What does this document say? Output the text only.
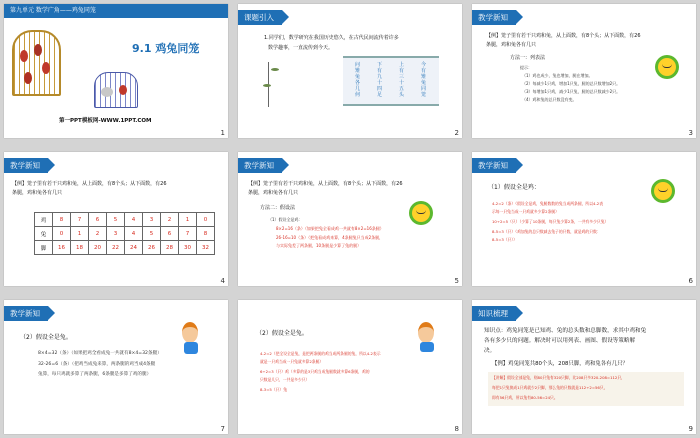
第九单元 数学广角——鸡兔同笼
9.1 鸡兔同笼
第一PPT模板网-WWW.1PPT.COM
1
课题引入
1.同学们，数学研究在我国历史悠久，在古代民间流传着许多
数学趣事，一直流传到今天。
今有雉兔同笼
上有三十五头
下有九十四足
问雉兔各几何
2
教学新知
【例】笼子里有若干只鸡和兔，从上面数，有8个头；从下面数，有26
条腿，鸡和兔各有几只
方法一：列表法
提示：
（1）鸡也成少，兔也增加，腿在增加。
（2）每减少1只鸡，增加1只兔，腿的总只数增加2只。
（3）每增加1只鸡，减少1只兔，腿的总只数减少2只。
（4）鸡和兔的总只数没有变。
3
教学新知
【例】笼子里有若干只鸡和兔，从上面数，有8个头；从下面数，有26
条腿，鸡和兔各有几只
鸡	8	7	6	5	4	3	2	1	0
兔	0	1	2	3	4	5	6	7	8
脚	16	18	20	22	24	26	28	30	32
4
教学新知
【例】笼子里有若干只鸡和兔，从上面数，有8个头；从下面数，有26
条腿，鸡和兔各有几只
方法二：假设法
（1）假设全是鸡：
8×2=16（条）（如果把兔全看成鸡一共就有8×2=16条腿）
26-16=10（条）（把兔看成鸡来算，4条腿兔只当成2条腿，
与实际兔差了两条腿，10条腿是少算了兔的腿）
5
教学新知
（1）假设全是鸡：
4-2=2（条）（假设全是鸡，兔腿数数的兔当成两条腿，所以4-2表
示每一只兔当成一只鸡就多少算2条腿）
10÷2=5（只）（少算了10条腿，每只兔少算2条，一共有多少只兔）
8-5=3（只）（鸡加兔的总只数减去兔子的只数，就是鸡的只数：
8-5=3（只））
6
教学新知
（2）假设全是兔。
8×4=32（条）（如果把鸡全看成兔一共就有8×4=32条腿）
32-26=6（条）（把鸡当成兔来算，两条腿的鸡当成4条腿
兔算，每只鸡就多算了两条腿，6条腿是多算了鸡的腿）
7
（2）假设全是兔。
4-2=2（把全设全是兔，是把两条腿的鸡当成两条腿的兔，所以4-2表示
就是一只鸡当成一只兔就多算2条腿）
6÷2=3（只）鸡（多算的是3只鸡当成兔腿数就多算6条腿，鸡的
只数是几只，一共是多少只）
8-3=5（只）兔
8
知识梳理
知识点：鸡兔同笼是已知鸡、兔的总头数和总脚数，求其中鸡和兔
各有多少只的问题。解决时可以用列表、画图、假设等策略解
决。
【例】鸡兔同笼共80个头，208只脚，鸡和兔各有几只？
【讲解】假设全部是兔，则80只兔有320只脚，比208只多320-208=112只，
每把1只兔换成1只鸡就少2只脚，那么兔的只数就是112÷2=56只，
即有56只鸡，所以兔有80-56=24只。
9
